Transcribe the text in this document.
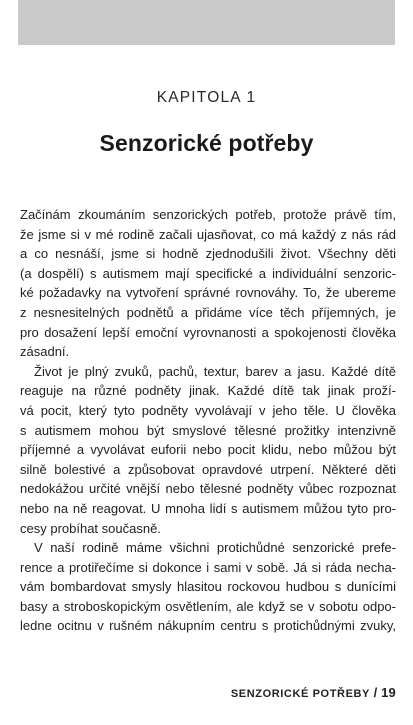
KAPITOLA 1
Senzorické potřeby
Začínám zkoumáním senzorických potřeb, protože právě tím,
že jsme si v mé rodině začali ujasňovat, co má každý z nás rád
a co nesnáší, jsme si hodně zjednodušili život. Všechny děti
(a dospělí) s autismem mají specifické a individuální senzoric-
ké požadavky na vytvoření správné rovnováhy. To, že ubereme
z nesnesitelných podnětů a přidáme více těch příjemných, je
pro dosažení lepší emoční vyrovnanosti a spokojenosti člověka
zásadní.
Život je plný zvuků, pachů, textur, barev a jasu. Každé dítě
reaguje na různé podněty jinak. Každé dítě tak jinak proží-
vá pocit, který tyto podněty vyvolávají v jeho těle. U člověka
s autismem mohou být smyslové tělesné prožitky intenzivně
příjemné a vyvolávat euforii nebo pocit klidu, nebo můžou být
silně bolestivé a způsobovat opravdové utrpení. Některé děti
nedokážou určité vnější nebo tělesné podněty vůbec rozpoznat
nebo na ně reagovat. U mnoha lidí s autismem můžou tyto pro-
cesy probíhat současně.
V naší rodině máme všichni protichůdné senzorické prefe-
rence a protiřečíme si dokonce i sami v sobě. Já si ráda necha-
vám bombardovat smysly hlasitou rockovou hudbou s dunícími
basy a stroboskopickým osvětlením, ale když se v sobotu odpo-
ledne ocitnu v rušném nákupním centru s protichůdnými zvuky,
SENZORICKÉ POTŘEBY / 19
